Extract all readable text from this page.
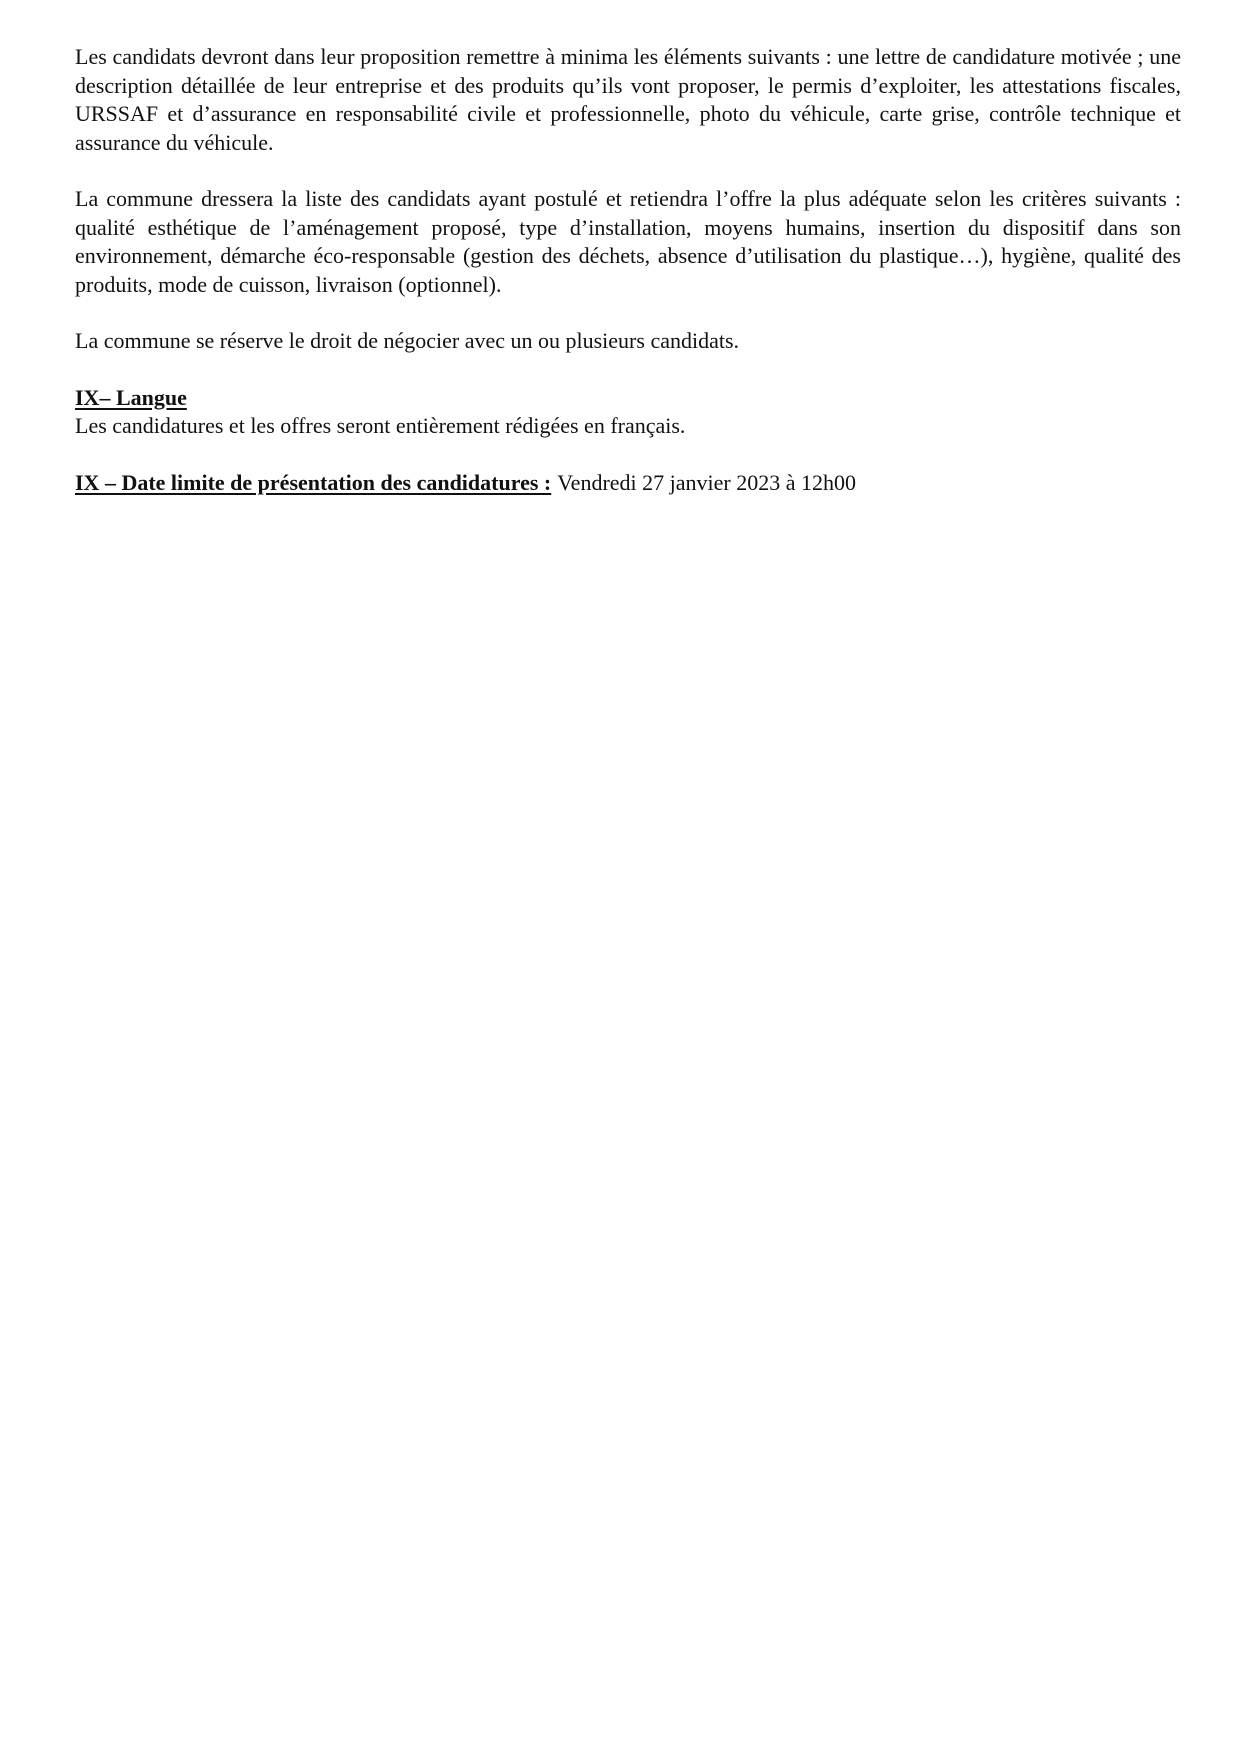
Les candidats devront dans leur proposition remettre à minima les éléments suivants : une lettre de candidature motivée ; une description détaillée de leur entreprise et des produits qu’ils vont proposer, le permis d’exploiter, les attestations fiscales, URSSAF et d’assurance en responsabilité civile et professionnelle, photo du véhicule, carte grise, contrôle technique et assurance du véhicule.

La commune dressera la liste des candidats ayant postulé et retiendra l’offre la plus adéquate selon les critères suivants : qualité esthétique de l’aménagement proposé, type d’installation, moyens humains, insertion du dispositif dans son environnement, démarche éco-responsable (gestion des déchets, absence d’utilisation du plastique…), hygiène, qualité des produits, mode de cuisson, livraison (optionnel).

La commune se réserve le droit de négocier avec un ou plusieurs candidats.

IX– Langue

Les candidatures et les offres seront entièrement rédigées en français.

IX – Date limite de présentation des candidatures : Vendredi 27 janvier 2023 à 12h00
